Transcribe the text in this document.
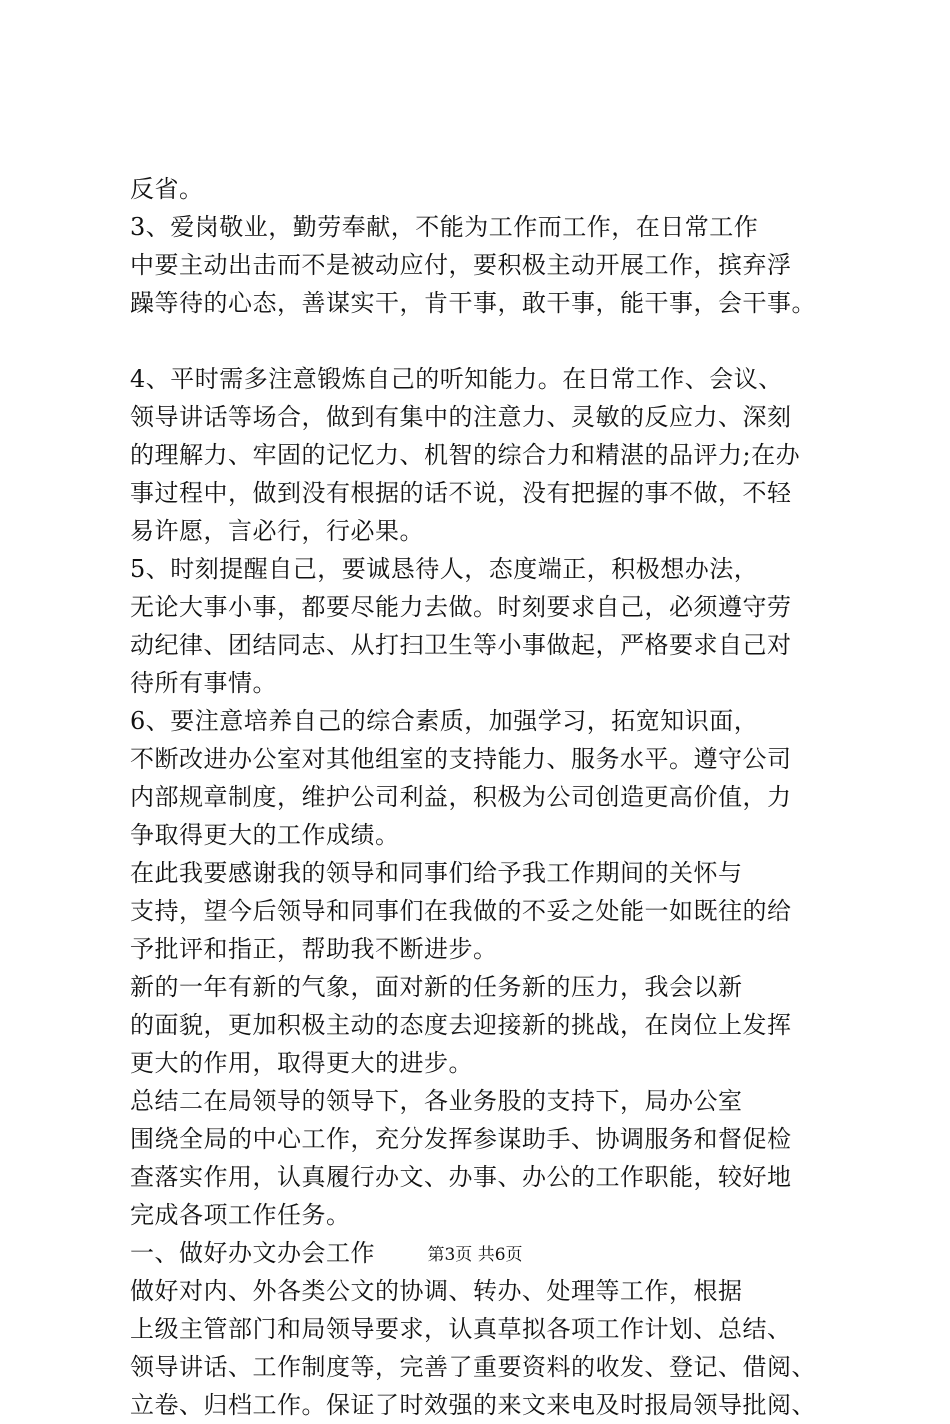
反省。
3、爱岗敬业，勤劳奉献，不能为工作而工作，在日常工作
中要主动出击而不是被动应付，要积极主动开展工作，摈弃浮
躁等待的心态，善谋实干，肯干事，敢干事，能干事，会干事。
4、平时需多注意锻炼自己的听知能力。在日常工作、会议、
领导讲话等场合，做到有集中的注意力、灵敏的反应力、深刻
的理解力、牢固的记忆力、机智的综合力和精湛的品评力;在办
事过程中，做到没有根据的话不说，没有把握的事不做，不轻
易许愿，言必行，行必果。
5、时刻提醒自己，要诚恳待人，态度端正，积极想办法，
无论大事小事，都要尽能力去做。时刻要求自己，必须遵守劳
动纪律、团结同志、从打扫卫生等小事做起，严格要求自己对
待所有事情。
6、要注意培养自己的综合素质，加强学习，拓宽知识面，
不断改进办公室对其他组室的支持能力、服务水平。遵守公司
内部规章制度，维护公司利益，积极为公司创造更高价值，力
争取得更大的工作成绩。
在此我要感谢我的领导和同事们给予我工作期间的关怀与
支持，望今后领导和同事们在我做的不妥之处能一如既往的给
予批评和指正，帮助我不断进步。
新的一年有新的气象，面对新的任务新的压力，我会以新
的面貌，更加积极主动的态度去迎接新的挑战，在岗位上发挥
更大的作用，取得更大的进步。
总结二在局领导的领导下，各业务股的支持下，局办公室
围绕全局的中心工作，充分发挥参谋助手、协调服务和督促检
查落实作用，认真履行办文、办事、办公的工作职能，较好地
完成各项工作任务。
一、做好办文办会工作
做好对内、外各类公文的协调、转办、处理等工作，根据
上级主管部门和局领导要求，认真草拟各项工作计划、总结、
领导讲话、工作制度等，完善了重要资料的收发、登记、借阅、
立卷、归档工作。保证了时效强的来文来电及时报局领导批阅、
第3页 共6页
